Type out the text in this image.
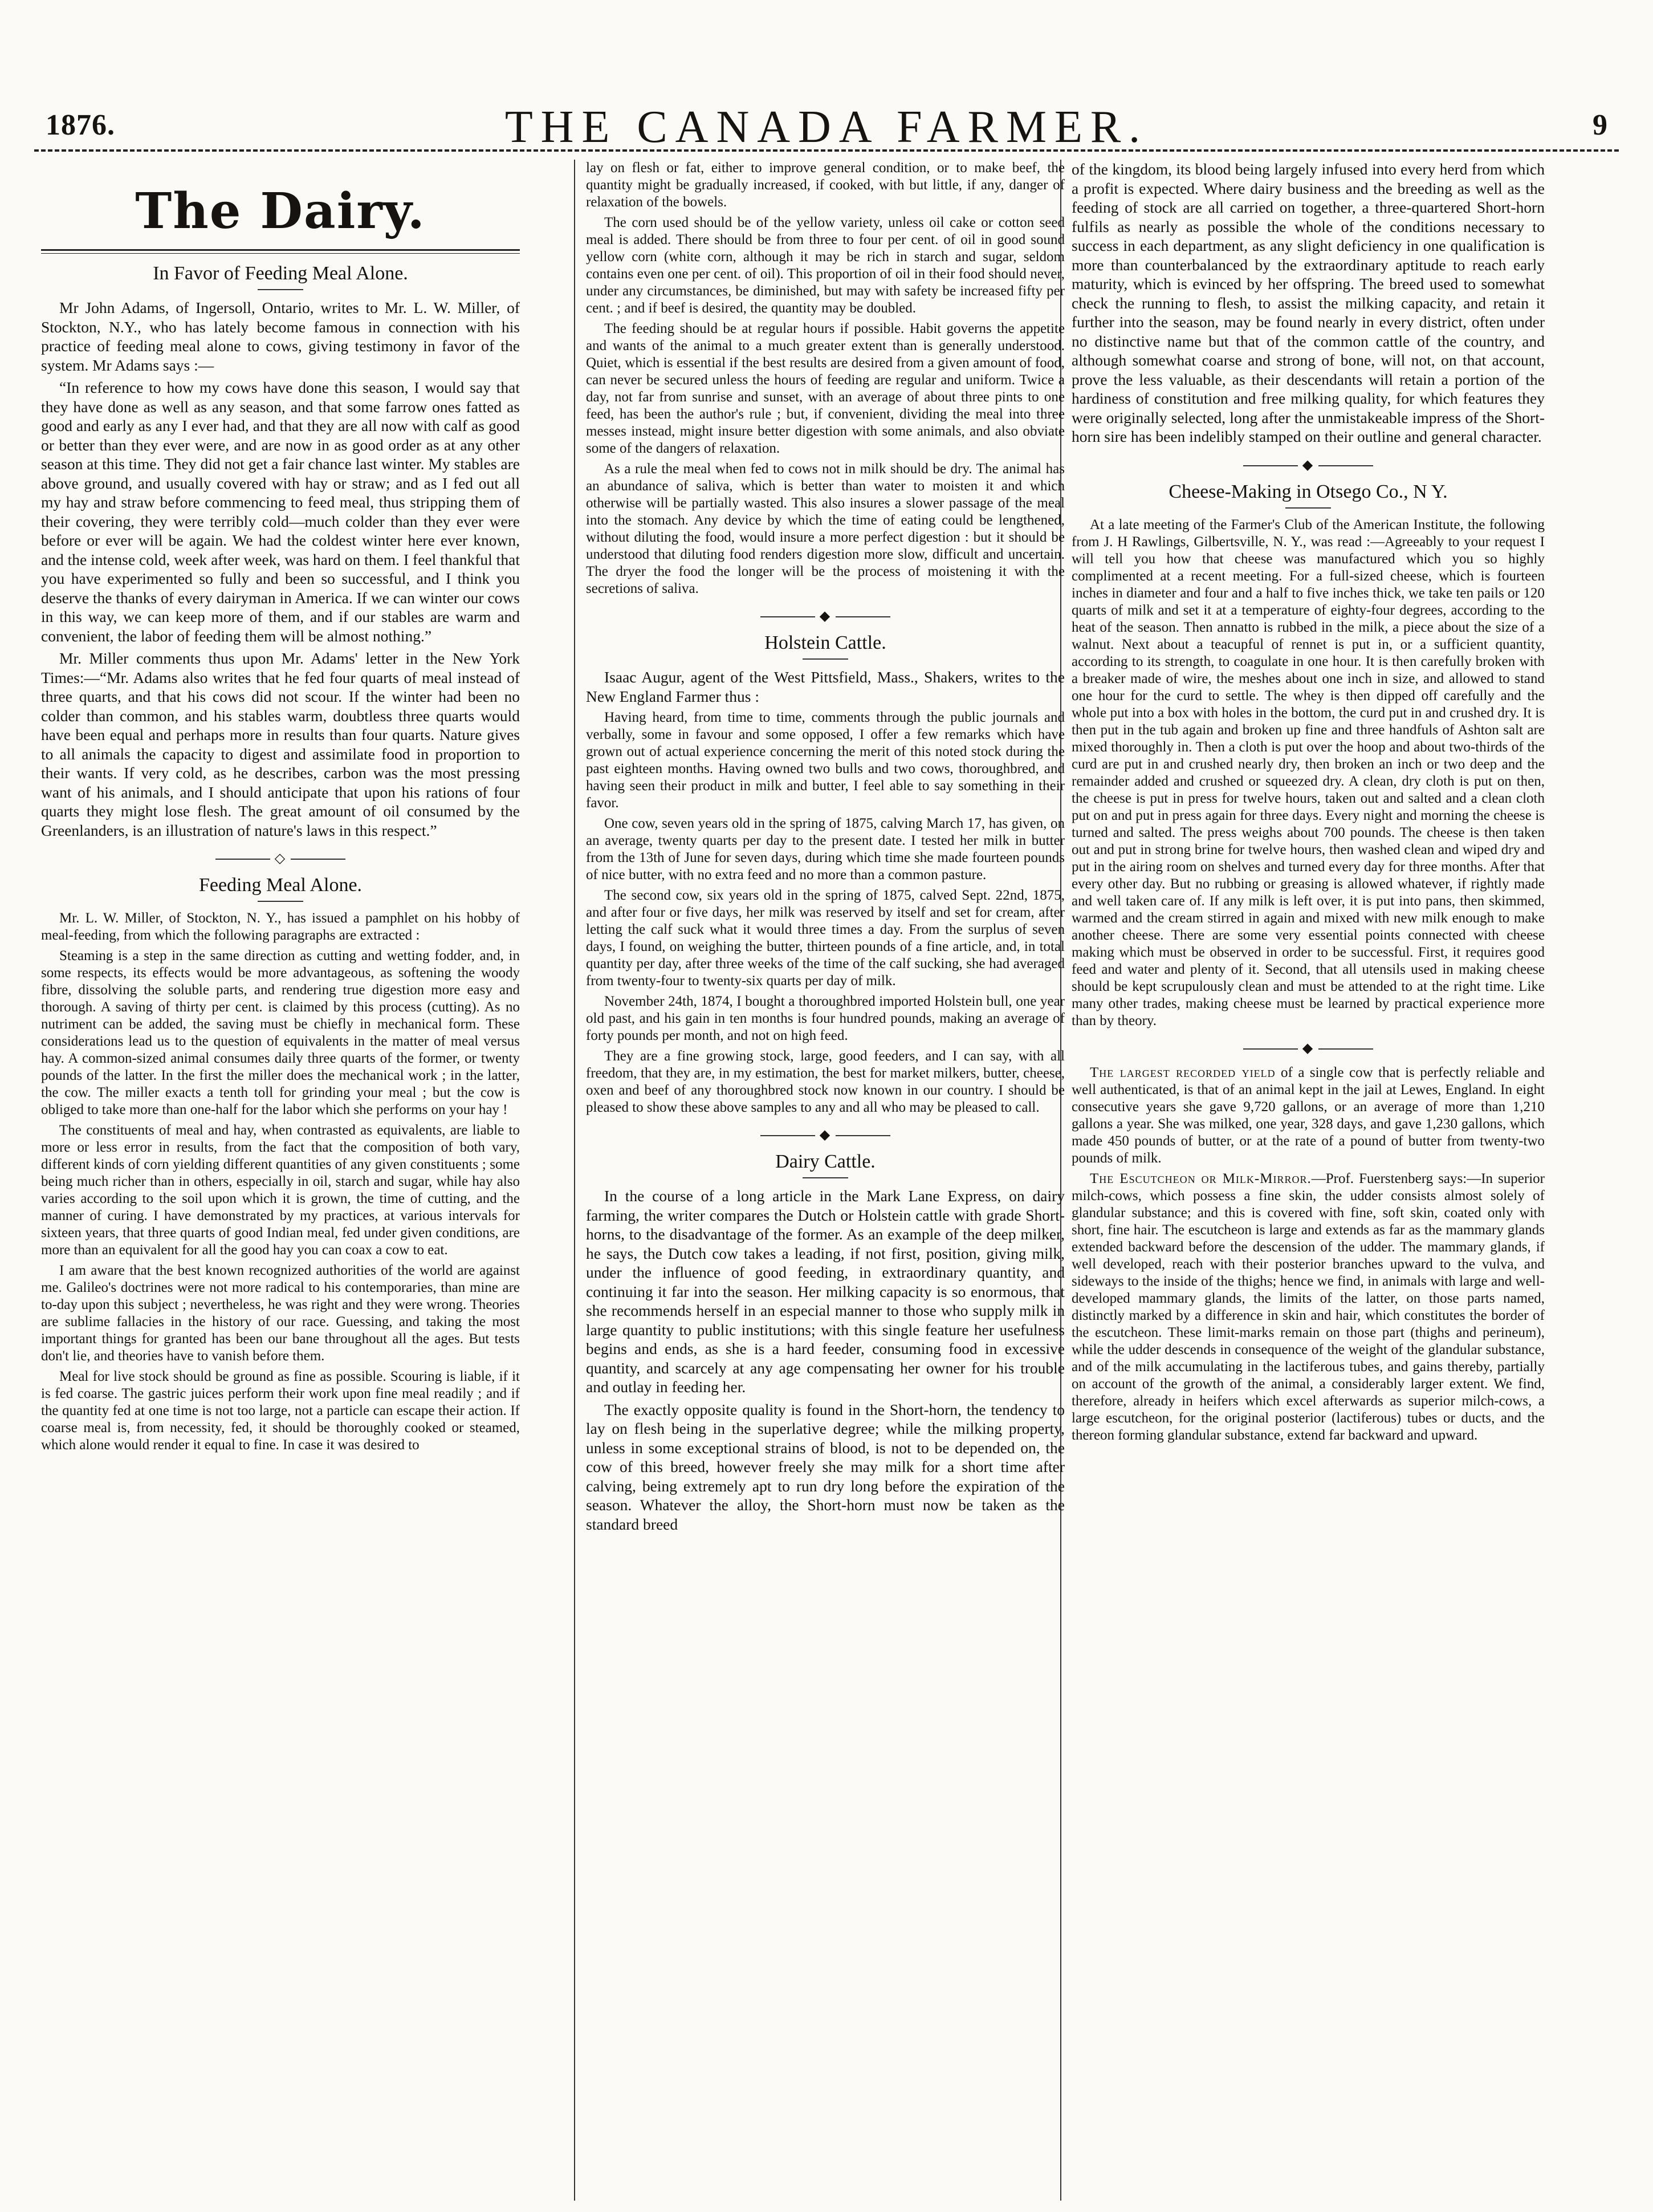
1876.	THE CANADA FARMER.	9
The Dairy.
In Favor of Feeding Meal Alone.

Mr John Adams, of Ingersoll, Ontario, writes to Mr. L. W. Miller, of Stockton, N.Y., who has lately become famous in connection with his practice of feeding meal alone to cows, giving testimony in favor of the system. Mr Adams says :—

“In reference to how my cows have done this season, I would say that they have done as well as any season, and that some farrow ones fatted as good and early as any I ever had, and that they are all now with calf as good or better than they ever were, and are now in as good order as at any other season at this time. They did not get a fair chance last winter. My stables are above ground, and usually covered with hay or straw; and as I fed out all my hay and straw before commencing to feed meal, thus stripping them of their covering, they were terribly cold—much colder than they ever were before or ever will be again. We had the coldest winter here ever known, and the intense cold, week after week, was hard on them. I feel thankful that you have experimented so fully and been so successful, and I think you deserve the thanks of every dairyman in America. If we can winter our cows in this way, we can keep more of them, and if our stables are warm and convenient, the labor of feeding them will be almost nothing.”

Mr. Miller comments thus upon Mr. Adams' letter in the New York Times:—“Mr. Adams also writes that he fed four quarts of meal instead of three quarts, and that his cows did not scour. If the winter had been no colder than common, and his stables warm, doubtless three quarts would have been equal and perhaps more in results than four quarts. Nature gives to all animals the capacity to digest and assimilate food in proportion to their wants. If very cold, as he describes, carbon was the most pressing want of his animals, and I should anticipate that upon his rations of four quarts they might lose flesh. The great amount of oil consumed by the Greenlanders, is an illustration of nature's laws in this respect.”

◇
Feeding Meal Alone.

Mr. L. W. Miller, of Stockton, N. Y., has issued a pamphlet on his hobby of meal-feeding, from which the following paragraphs are extracted :

Steaming is a step in the same direction as cutting and wetting fodder, and, in some respects, its effects would be more advantageous, as softening the woody fibre, dissolving the soluble parts, and rendering true digestion more easy and thorough. A saving of thirty per cent. is claimed by this process (cutting). As no nutriment can be added, the saving must be chiefly in mechanical form. These considerations lead us to the question of equivalents in the matter of meal versus hay. A common-sized animal consumes daily three quarts of the former, or twenty pounds of the latter. In the first the miller does the mechanical work ; in the latter, the cow. The miller exacts a tenth toll for grinding your meal ; but the cow is obliged to take more than one-half for the labor which she performs on your hay !

The constituents of meal and hay, when contrasted as equivalents, are liable to more or less error in results, from the fact that the composition of both vary, different kinds of corn yielding different quantities of any given constituents ; some being much richer than in others, especially in oil, starch and sugar, while hay also varies according to the soil upon which it is grown, the time of cutting, and the manner of curing. I have demonstrated by my practices, at various intervals for sixteen years, that three quarts of good Indian meal, fed under given conditions, are more than an equivalent for all the good hay you can coax a cow to eat.

I am aware that the best known recognized authorities of the world are against me. Galileo's doctrines were not more radical to his contemporaries, than mine are to-day upon this subject ; nevertheless, he was right and they were wrong. Theories are sublime fallacies in the history of our race. Guessing, and taking the most important things for granted has been our bane throughout all the ages. But tests don't lie, and theories have to vanish before them.

Meal for live stock should be ground as fine as possible. Scouring is liable, if it is fed coarse. The gastric juices perform their work upon fine meal readily ; and if the quantity fed at one time is not too large, not a particle can escape their action. If coarse meal is, from necessity, fed, it should be thoroughly cooked or steamed, which alone would render it equal to fine. In case it was desired to

lay on flesh or fat, either to improve general condition, or to make beef, the quantity might be gradually increased, if cooked, with but little, if any, danger of relaxation of the bowels.

The corn used should be of the yellow variety, unless oil cake or cotton seed meal is added. There should be from three to four per cent. of oil in good sound yellow corn (white corn, although it may be rich in starch and sugar, seldom contains even one per cent. of oil). This proportion of oil in their food should never, under any circumstances, be diminished, but may with safety be increased fifty per cent. ; and if beef is desired, the quantity may be doubled.

The feeding should be at regular hours if possible. Habit governs the appetite and wants of the animal to a much greater extent than is generally understood. Quiet, which is essential if the best results are desired from a given amount of food, can never be secured unless the hours of feeding are regular and uniform. Twice a day, not far from sunrise and sunset, with an average of about three pints to one feed, has been the author's rule ; but, if convenient, dividing the meal into three messes instead, might insure better digestion with some animals, and also obviate some of the dangers of relaxation.

As a rule the meal when fed to cows not in milk should be dry. The animal has an abundance of saliva, which is better than water to moisten it and which otherwise will be partially wasted. This also insures a slower passage of the meal into the stomach. Any device by which the time of eating could be lengthened, without diluting the food, would insure a more perfect digestion : but it should be understood that diluting food renders digestion more slow, difficult and uncertain. The dryer the food the longer will be the process of moistening it with the secretions of saliva.

◆
Holstein Cattle.

Isaac Augur, agent of the West Pittsfield, Mass., Shakers, writes to the New England Farmer thus :

Having heard, from time to time, comments through the public journals and verbally, some in favour and some opposed, I offer a few remarks which have grown out of actual experience concerning the merit of this noted stock during the past eighteen months. Having owned two bulls and two cows, thoroughbred, and having seen their product in milk and butter, I feel able to say something in their favor.

One cow, seven years old in the spring of 1875, calving March 17, has given, on an average, twenty quarts per day to the present date. I tested her milk in butter from the 13th of June for seven days, during which time she made fourteen pounds of nice butter, with no extra feed and no more than a common pasture.

The second cow, six years old in the spring of 1875, calved Sept. 22nd, 1875, and after four or five days, her milk was reserved by itself and set for cream, after letting the calf suck what it would three times a day. From the surplus of seven days, I found, on weighing the butter, thirteen pounds of a fine article, and, in total quantity per day, after three weeks of the time of the calf sucking, she had averaged from twenty-four to twenty-six quarts per day of milk.

November 24th, 1874, I bought a thoroughbred imported Holstein bull, one year old past, and his gain in ten months is four hundred pounds, making an average of forty pounds per month, and not on high feed.

They are a fine growing stock, large, good feeders, and I can say, with all freedom, that they are, in my estimation, the best for market milkers, butter, cheese, oxen and beef of any thoroughbred stock now known in our country. I should be pleased to show these above samples to any and all who may be pleased to call.

◆
Dairy Cattle.

In the course of a long article in the Mark Lane Express, on dairy farming, the writer compares the Dutch or Holstein cattle with grade Short-horns, to the disadvantage of the former. As an example of the deep milker, he says, the Dutch cow takes a leading, if not first, position, giving milk, under the influence of good feeding, in extraordinary quantity, and continuing it far into the season. Her milking capacity is so enormous, that she recommends herself in an especial manner to those who supply milk in large quantity to public institutions; with this single feature her usefulness begins and ends, as she is a hard feeder, consuming food in excessive quantity, and scarcely at any age compensating her owner for his trouble and outlay in feeding her.

The exactly opposite quality is found in the Short-horn, the tendency to lay on flesh being in the superlative degree; while the milking property, unless in some exceptional strains of blood, is not to be depended on, the cow of this breed, however freely she may milk for a short time after calving, being extremely apt to run dry long before the expiration of the season. Whatever the alloy, the Short-horn must now be taken as the standard breed

of the kingdom, its blood being largely infused into every herd from which a profit is expected. Where dairy business and the breeding as well as the feeding of stock are all carried on together, a three-quartered Short-horn fulfils as nearly as possible the whole of the conditions necessary to success in each department, as any slight deficiency in one qualification is more than counterbalanced by the extraordinary aptitude to reach early maturity, which is evinced by her offspring. The breed used to somewhat check the running to flesh, to assist the milking capacity, and retain it further into the season, may be found nearly in every district, often under no distinctive name but that of the common cattle of the country, and although somewhat coarse and strong of bone, will not, on that account, prove the less valuable, as their descendants will retain a portion of the hardiness of constitution and free milking quality, for which features they were originally selected, long after the unmistakeable impress of the Short-horn sire has been indelibly stamped on their outline and general character.

◆
Cheese-Making in Otsego Co., N Y.

At a late meeting of the Farmer's Club of the American Institute, the following from J. H Rawlings, Gilbertsville, N. Y., was read :—Agreeably to your request I will tell you how that cheese was manufactured which you so highly complimented at a recent meeting. For a full-sized cheese, which is fourteen inches in diameter and four and a half to five inches thick, we take ten pails or 120 quarts of milk and set it at a temperature of eighty-four degrees, according to the heat of the season. Then annatto is rubbed in the milk, a piece about the size of a walnut. Next about a teacupful of rennet is put in, or a sufficient quantity, according to its strength, to coagulate in one hour. It is then carefully broken with a breaker made of wire, the meshes about one inch in size, and allowed to stand one hour for the curd to settle. The whey is then dipped off carefully and the whole put into a box with holes in the bottom, the curd put in and crushed dry. It is then put in the tub again and broken up fine and three handfuls of Ashton salt are mixed thoroughly in. Then a cloth is put over the hoop and about two-thirds of the curd are put in and crushed nearly dry, then broken an inch or two deep and the remainder added and crushed or squeezed dry. A clean, dry cloth is put on then, the cheese is put in press for twelve hours, taken out and salted and a clean cloth put on and put in press again for three days. Every night and morning the cheese is turned and salted. The press weighs about 700 pounds. The cheese is then taken out and put in strong brine for twelve hours, then washed clean and wiped dry and put in the airing room on shelves and turned every day for three months. After that every other day. But no rubbing or greasing is allowed whatever, if rightly made and well taken care of. If any milk is left over, it is put into pans, then skimmed, warmed and the cream stirred in again and mixed with new milk enough to make another cheese. There are some very essential points connected with cheese making which must be observed in order to be successful. First, it requires good feed and water and plenty of it. Second, that all utensils used in making cheese should be kept scrupulously clean and must be attended to at the right time. Like many other trades, making cheese must be learned by practical experience more than by theory.

◆

The largest recorded yield of a single cow that is perfectly reliable and well authenticated, is that of an animal kept in the jail at Lewes, England. In eight consecutive years she gave 9,720 gallons, or an average of more than 1,210 gallons a year. She was milked, one year, 328 days, and gave 1,230 gallons, which made 450 pounds of butter, or at the rate of a pound of butter from twenty-two pounds of milk.

The Escutcheon or Milk-Mirror.—Prof. Fuerstenberg says:—In superior milch-cows, which possess a fine skin, the udder consists almost solely of glandular substance; and this is covered with fine, soft skin, coated only with short, fine hair. The escutcheon is large and extends as far as the mammary glands extended backward before the descension of the udder. The mammary glands, if well developed, reach with their posterior branches upward to the vulva, and sideways to the inside of the thighs; hence we find, in animals with large and well-developed mammary glands, the limits of the latter, on those parts named, distinctly marked by a difference in skin and hair, which constitutes the border of the escutcheon. These limit-marks remain on those part (thighs and perineum), while the udder descends in consequence of the weight of the glandular substance, and of the milk accumulating in the lactiferous tubes, and gains thereby, partially on account of the growth of the animal, a considerably larger extent. We find, therefore, already in heifers which excel afterwards as superior milch-cows, a large escutcheon, for the original posterior (lactiferous) tubes or ducts, and the thereon forming glandular substance, extend far backward and upward.
